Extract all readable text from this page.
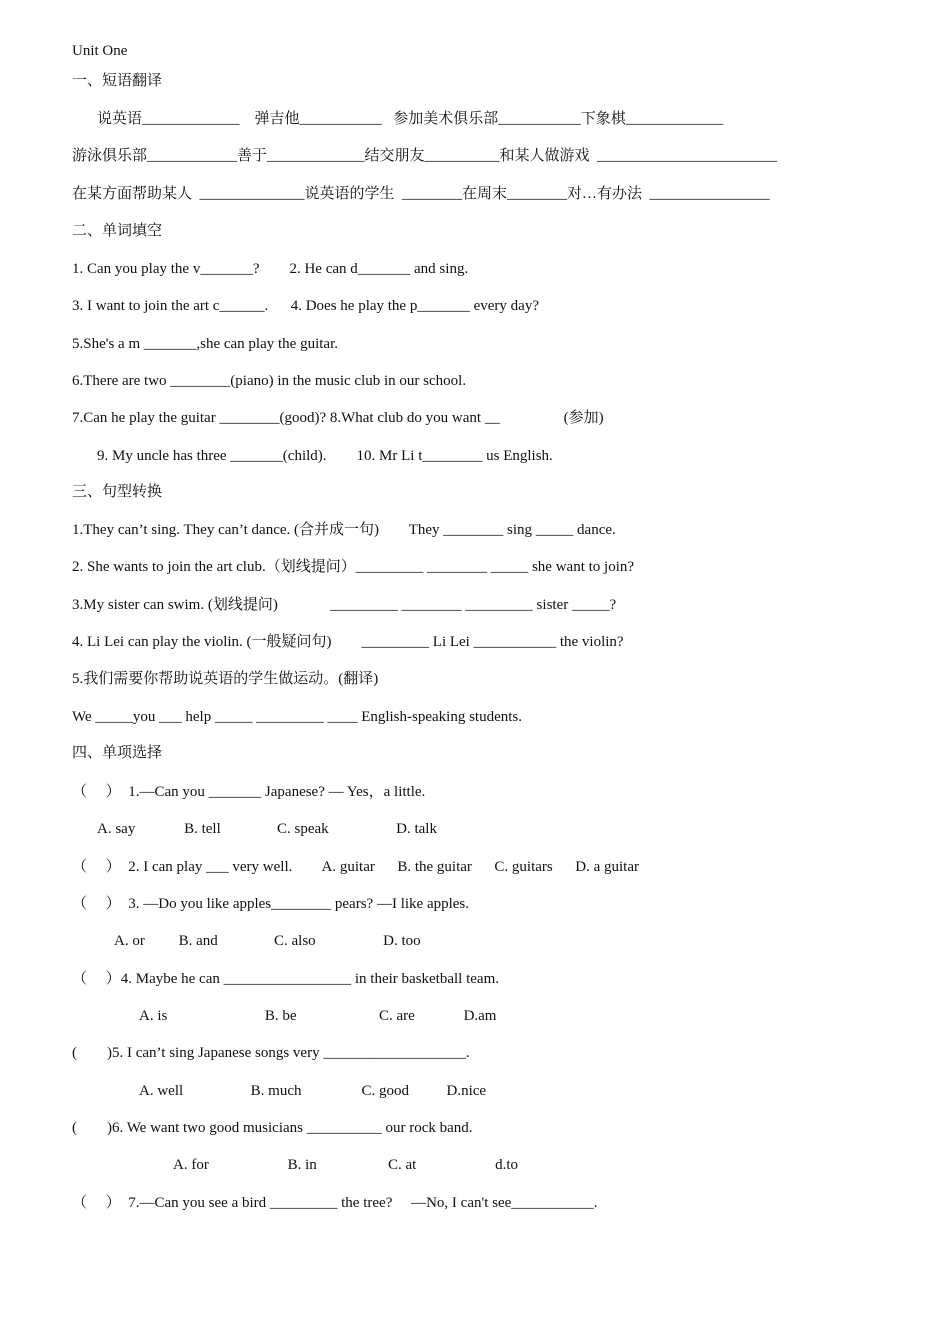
Unit One
一、短语翻译
说英语_____________    弹吉他___________   参加美术俱乐部___________下象棋_____________
游泳俱乐部____________善于_____________结交朋友__________和某人做游戏  ________________________
在某方面帮助某人  ______________说英语的学生  ________在周末________对…有办法  ________________
二、单词填空
1. Can you play the v_______?        2. He can d_______ and sing.
3. I want to join the art c______.      4. Does he play the p_______ every day?
5.She's a m _______,she can play the guitar.
6.There are two ________(piano) in the music club in our school.
7.Can he play the guitar ________(good)? 8.What club do you want __                 (参加)
9. My uncle has three _______(child).        10. Mr Li t________ us English.
三、句型转换
1.They can’t sing. They can’t dance. (合并成一句)        They ________ sing _____ dance.
2. She wants to join the art club.（划线提问）_________ ________ _____ she want to join?
3.My sister can swim. (划线提问)              _________ ________ _________ sister _____?
4. Li Lei can play the violin. (一般疑问句)        _________ Li Lei ___________ the violin?
5.我们需要你帮助说英语的学生做运动。(翻译)
We _____you ___ help _____ _________ ____ English-speaking students.
四、单项选择
（     ）  1.—Can you _______ Japanese? — Yes，a little.
A. say             B. tell               C. speak                  D. talk
（     ）  2. I can play ___ very well.        A. guitar      B. the guitar      C. guitars      D. a guitar
（     ）  3. —Do you like apples________ pears? —I like apples.
A. or         B. and               C. also                  D. too
（     ）4. Maybe he can _________________ in their basketball team.
A. is                          B. be                      C. are             D.am
(        )5. I can’t sing Japanese songs very ___________________.
A. well                  B. much                C. good          D.nice
(        )6. We want two good musicians __________ our rock band.
A. for                     B. in                   C. at                     d.to
（     ）  7.—Can you see a bird _________ the tree?     —No, I can't see___________.
